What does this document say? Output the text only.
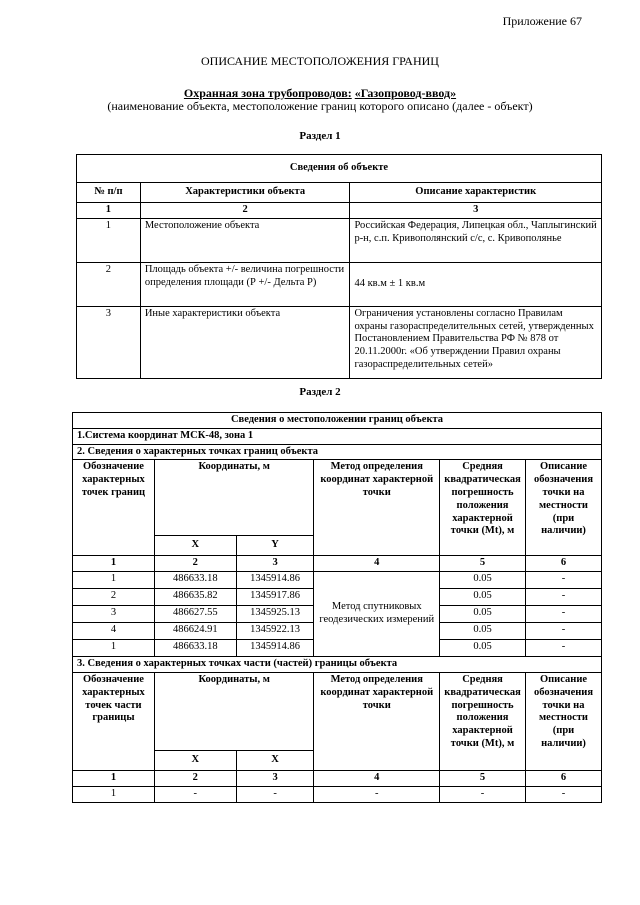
Приложение 67
ОПИСАНИЕ МЕСТОПОЛОЖЕНИЯ ГРАНИЦ
Охранная зона трубопроводов: «Газопровод-ввод»
(наименование объекта, местоположение границ которого описано (далее - объект)
Раздел 1
Сведения об объекте		
№ п/п	Характеристики объекта	Описание характеристик
1	2	3
1	Местоположение объекта	Российская Федерация, Липецкая обл., Чаплыгинский р-н, с.п. Кривополянский с/с, с. Кривополянье
2	Площадь объекта +/- величина погрешности определения площади (Р +/- Дельта Р)	44 кв.м ± 1 кв.м
3	Иные характеристики объекта	Ограничения установлены согласно Правилам охраны газораспределительных сетей, утвержденных Постановлением Правительства РФ № 878 от 20.11.2000г. «Об утверждении Правил охраны газораспределительных сетей»
Раздел 2
Сведения о местоположении границ объекта					
1.Система координат МСК-48, зона 1					
2. Сведения о характерных точках границ объекта					
Обозначение характерных точек границ	Координаты, м		Метод определения координат характерной точки	Средняя квадратическая погрешность положения характерной точки (Mt), м	Описание обозначения точки на местности (при наличии)
	X	Y			
1	2	3	4	5	6
1	486633.18	1345914.86	Метод спутниковых геодезических измерений	0.05	-
2	486635.82	1345917.86		0.05	-
3	486627.55	1345925.13		0.05	-
4	486624.91	1345922.13		0.05	-
1	486633.18	1345914.86		0.05	-
3. Сведения о характерных точках части (частей) границы объекта					
Обозначение характерных точек части границы	Координаты, м		Метод определения координат характерной точки	Средняя квадратическая погрешность положения характерной точки (Mt), м	Описание обозначения точки на местности (при наличии)
	X	X			
1	2	3	4	5	6
1	-	-	-	-	-
